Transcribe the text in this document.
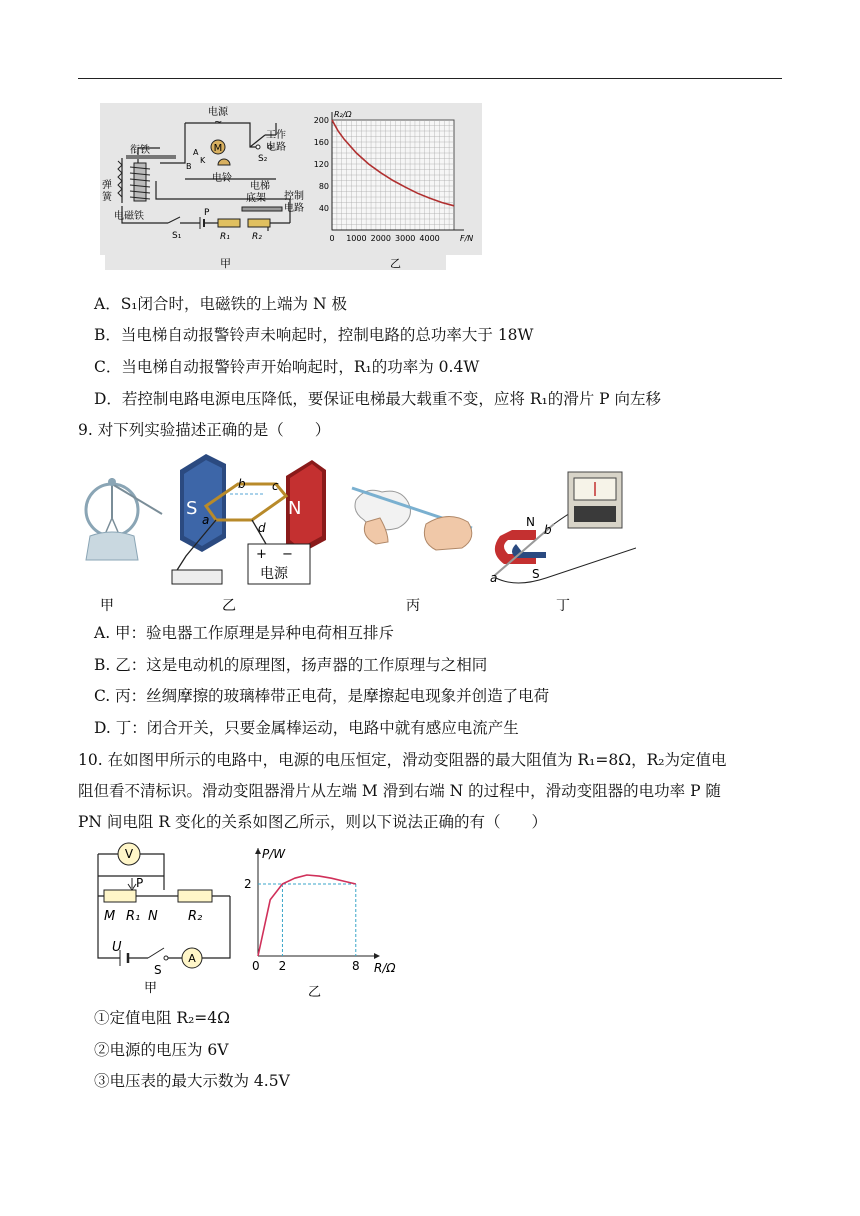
M
电源
~
工作电路
S₂
电铃
衔铁
弹簧
电磁铁
A
B
K
S₁
P
R₁ R₂
电梯底架	控制电路 40
80
120
160
200
0 1000 2000 3000 4000
R₂/Ω
F/N
甲	乙
A．S₁闭合时，电磁铁的上端为 N 极
B．当电梯自动报警铃声未响起时，控制电路的总功率大于 18W
C．当电梯自动报警铃声开始响起时，R₁的功率为 0.4W
D．若控制电路电源电压降低，要保证电梯最大载重不变，应将 R₁的滑片 P 向左移
9. 对下列实验描述正确的是（　　）
S	N
a
b c
d
+ −
电源
N
S
a
b
甲	乙	丙	丁
A. 甲：验电器工作原理是异种电荷相互排斥
B. 乙：这是电动机的原理图，扬声器的工作原理与之相同
C. 丙：丝绸摩擦的玻璃棒带正电荷，是摩擦起电现象并创造了电荷
D. 丁：闭合开关，只要金属棒运动，电路中就有感应电流产生
10. 在如图甲所示的电路中，电源的电压恒定，滑动变阻器的最大阻值为 R₁=8Ω，R₂为定值电
阻但看不清标识。滑动变阻器滑片从左端 M 滑到右端 N 的过程中，滑动变阻器的电功率 P 随
PN 间电阻 R 变化的关系如图乙所示，则以下说法正确的有（　　）
V
P
M R₁ N R₂
U
S
A
甲
0
2
2	8
P/W
R/Ω
乙
①定值电阻 R₂=4Ω
②电源的电压为 6V
③电压表的最大示数为 4.5V
